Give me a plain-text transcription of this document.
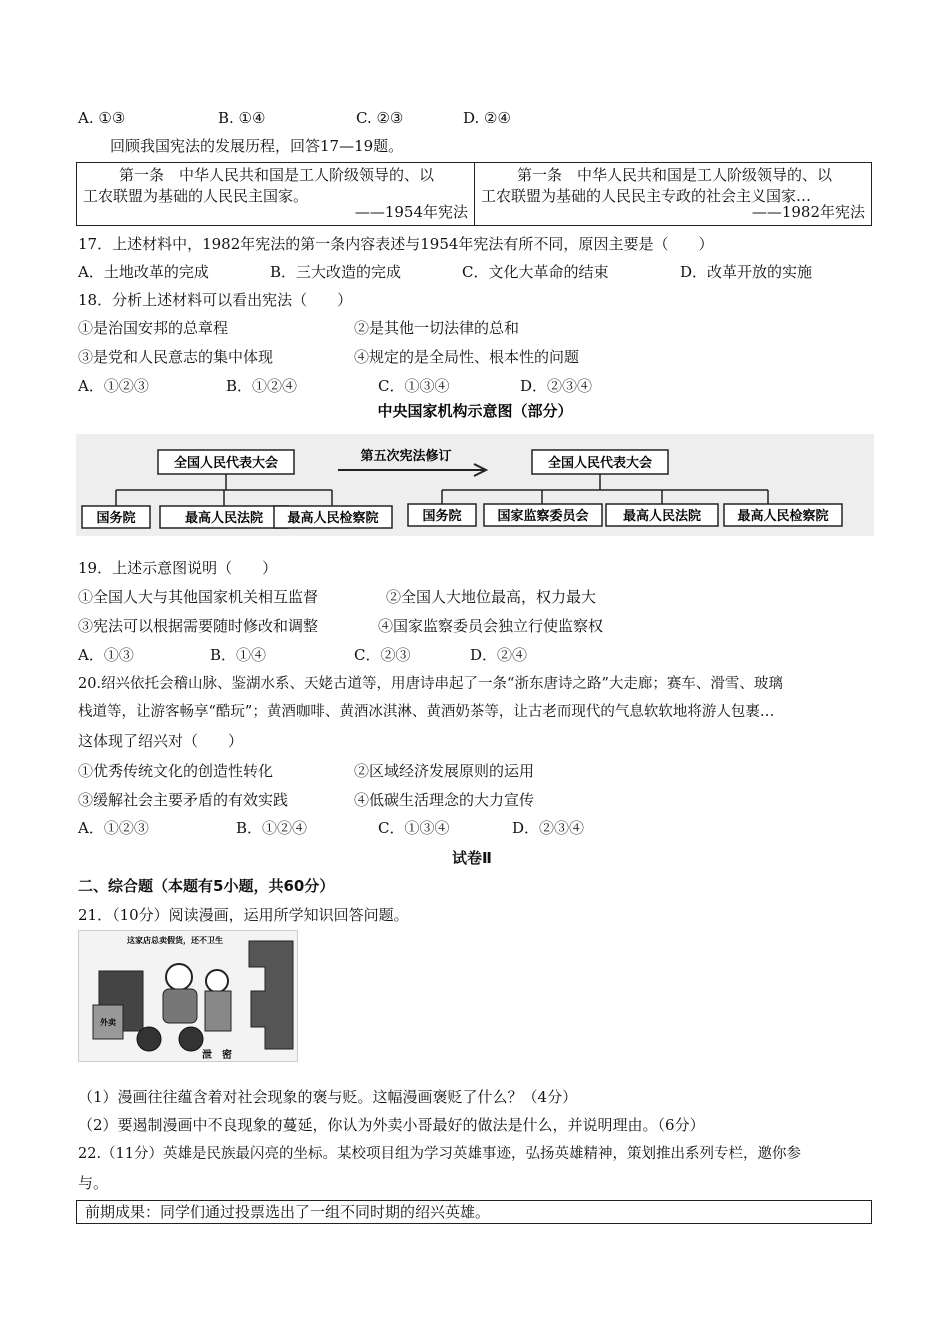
A. ①③	B. ①④	C. ②③	D. ②④
回顾我国宪法的发展历程，回答17—19题。
第一条　中华人民共和国是工人阶级领导的、以
工农联盟为基础的人民民主国家。
——1954年宪法
第一条　中华人民共和国是工人阶级领导的、以
工农联盟为基础的人民民主专政的社会主义国家…
——1982年宪法
17．上述材料中，1982年宪法的第一条内容表述与1954年宪法有所不同，原因主要是（　　）
A．土地改革的完成	B．三大改造的完成	C．文化大革命的结束	D．改革开放的实施
18．分析上述材料可以看出宪法（　　）
①是治国安邦的总章程	②是其他一切法律的总和
③是党和人民意志的集中体现	④规定的是全局性、根本性的问题
A．①②③	B．①②④	C．①③④	D．②③④
中央国家机构示意图（部分）
全国人民代表大会
国务院	最高人民法院 最高人民检察院
第五次宪法修订	全国人民代表大会
国务院	国家监察委员会	最高人民法院	最高人民检察院
19．上述示意图说明（　　）
①全国人大与其他国家机关相互监督	②全国人大地位最高，权力最大
③宪法可以根据需要随时修改和调整	④国家监察委员会独立行使监察权
A．①③	B．①④	C．②③	D．②④
20.绍兴依托会稽山脉、鉴湖水系、天姥古道等，用唐诗串起了一条“浙东唐诗之路”大走廊；赛车、滑雪、玻璃
栈道等，让游客畅享“酷玩”；黄酒咖啡、黄酒冰淇淋、黄酒奶茶等，让古老而现代的气息软软地将游人包裹…
这体现了绍兴对（　　）
①优秀传统文化的创造性转化	②区域经济发展原则的运用
③缓解社会主要矛盾的有效实践	④低碳生活理念的大力宣传
A．①②③	B．①②④	C．①③④	D．②③④
试卷Ⅱ
二、综合题（本题有5小题，共60分）
21．（10分）阅读漫画，运用所学知识回答问题。
外卖
这家店总卖假货，还不卫生
泄　密
（1）漫画往往蕴含着对社会现象的褒与贬。这幅漫画褒贬了什么？（4分）
（2）要遏制漫画中不良现象的蔓延，你认为外卖小哥最好的做法是什么，并说明理由。（6分）
22.（11分）英雄是民族最闪亮的坐标。某校项目组为学习英雄事迹，弘扬英雄精神，策划推出系列专栏，邀你参
与。
前期成果：同学们通过投票选出了一组不同时期的绍兴英雄。
